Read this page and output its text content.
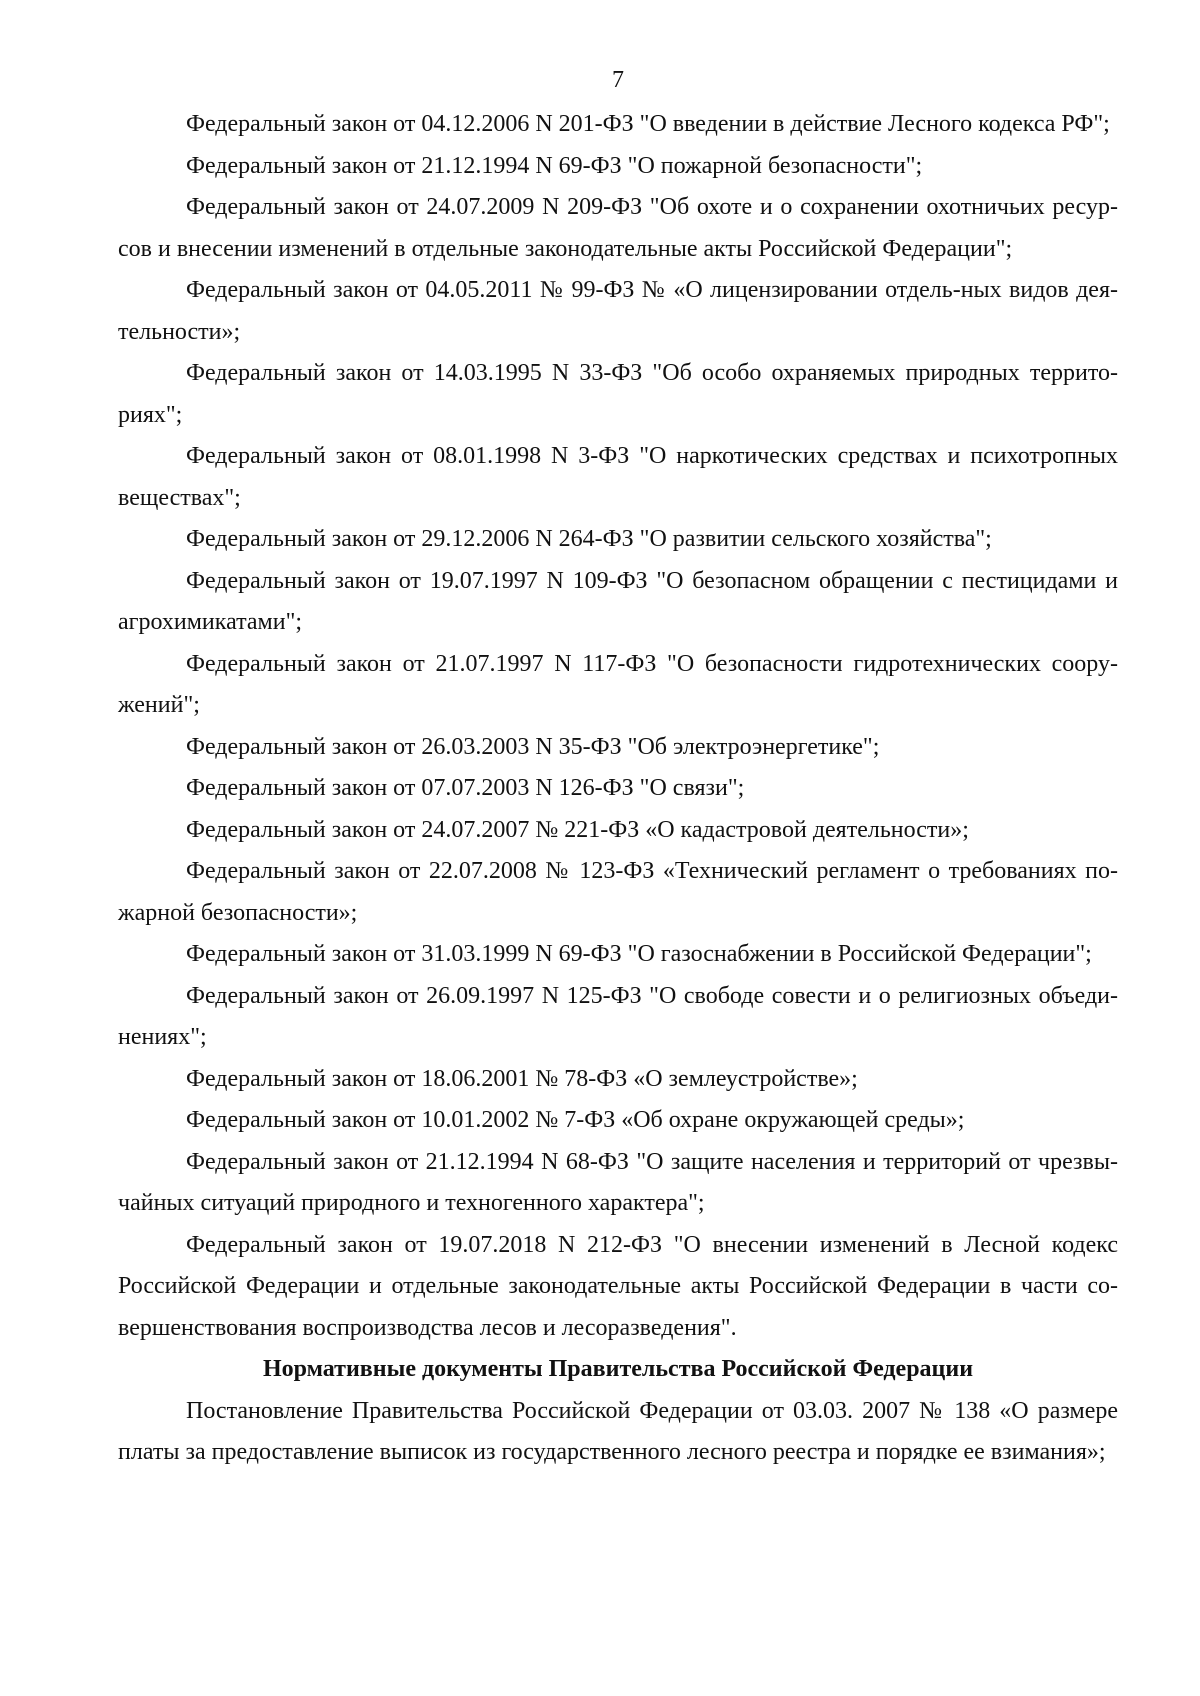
7

Федеральный закон от 04.12.2006 N 201-ФЗ "О введении в действие Лесного кодекса РФ";

Федеральный закон от 21.12.1994 N 69-ФЗ "О пожарной безопасности";

Федеральный закон от 24.07.2009 N 209-ФЗ "Об охоте и о сохранении охотничьих ресурсов и внесении изменений в отдельные законодательные акты Российской Федерации";

Федеральный закон от 04.05.2011 № 99-ФЗ № «О лицензировании отдель-ных видов деятельности»;

Федеральный закон от 14.03.1995 N 33-ФЗ "Об особо охраняемых природных территориях";

Федеральный закон от 08.01.1998 N 3-ФЗ "О наркотических средствах и психотропных веществах";

Федеральный закон от 29.12.2006 N 264-ФЗ "О развитии сельского хозяйства";

Федеральный закон от 19.07.1997 N 109-ФЗ "О безопасном обращении с пестицидами и агрохимикатами";

Федеральный закон от 21.07.1997 N 117-ФЗ "О безопасности гидротехнических сооружений";

Федеральный закон от 26.03.2003 N 35-ФЗ "Об электроэнергетике";

Федеральный закон от 07.07.2003 N 126-ФЗ "О связи";

Федеральный закон от 24.07.2007 № 221-ФЗ «О кадастровой деятельности»;

Федеральный закон от 22.07.2008 № 123-ФЗ «Технический регламент о требованиях пожарной безопасности»;

Федеральный закон от 31.03.1999 N 69-ФЗ "О газоснабжении в Российской Федерации";

Федеральный закон от 26.09.1997 N 125-ФЗ "О свободе совести и о религиозных объединениях";

Федеральный закон от 18.06.2001 № 78-ФЗ «О землеустройстве»;

Федеральный закон от 10.01.2002 № 7-ФЗ «Об охране окружающей среды»;

Федеральный закон от 21.12.1994 N 68-ФЗ "О защите населения и территорий от чрезвычайных ситуаций природного и техногенного характера";

Федеральный закон от 19.07.2018 N 212-ФЗ "О внесении изменений в Лесной кодекс Российской Федерации и отдельные законодательные акты Российской Федерации в части совершенствования воспроизводства лесов и лесоразведения".

Нормативные документы Правительства Российской Федерации

Постановление Правительства Российской Федерации от 03.03. 2007 № 138 «О размере платы за предоставление выписок из государственного лесного реестра и порядке ее взимания»;
